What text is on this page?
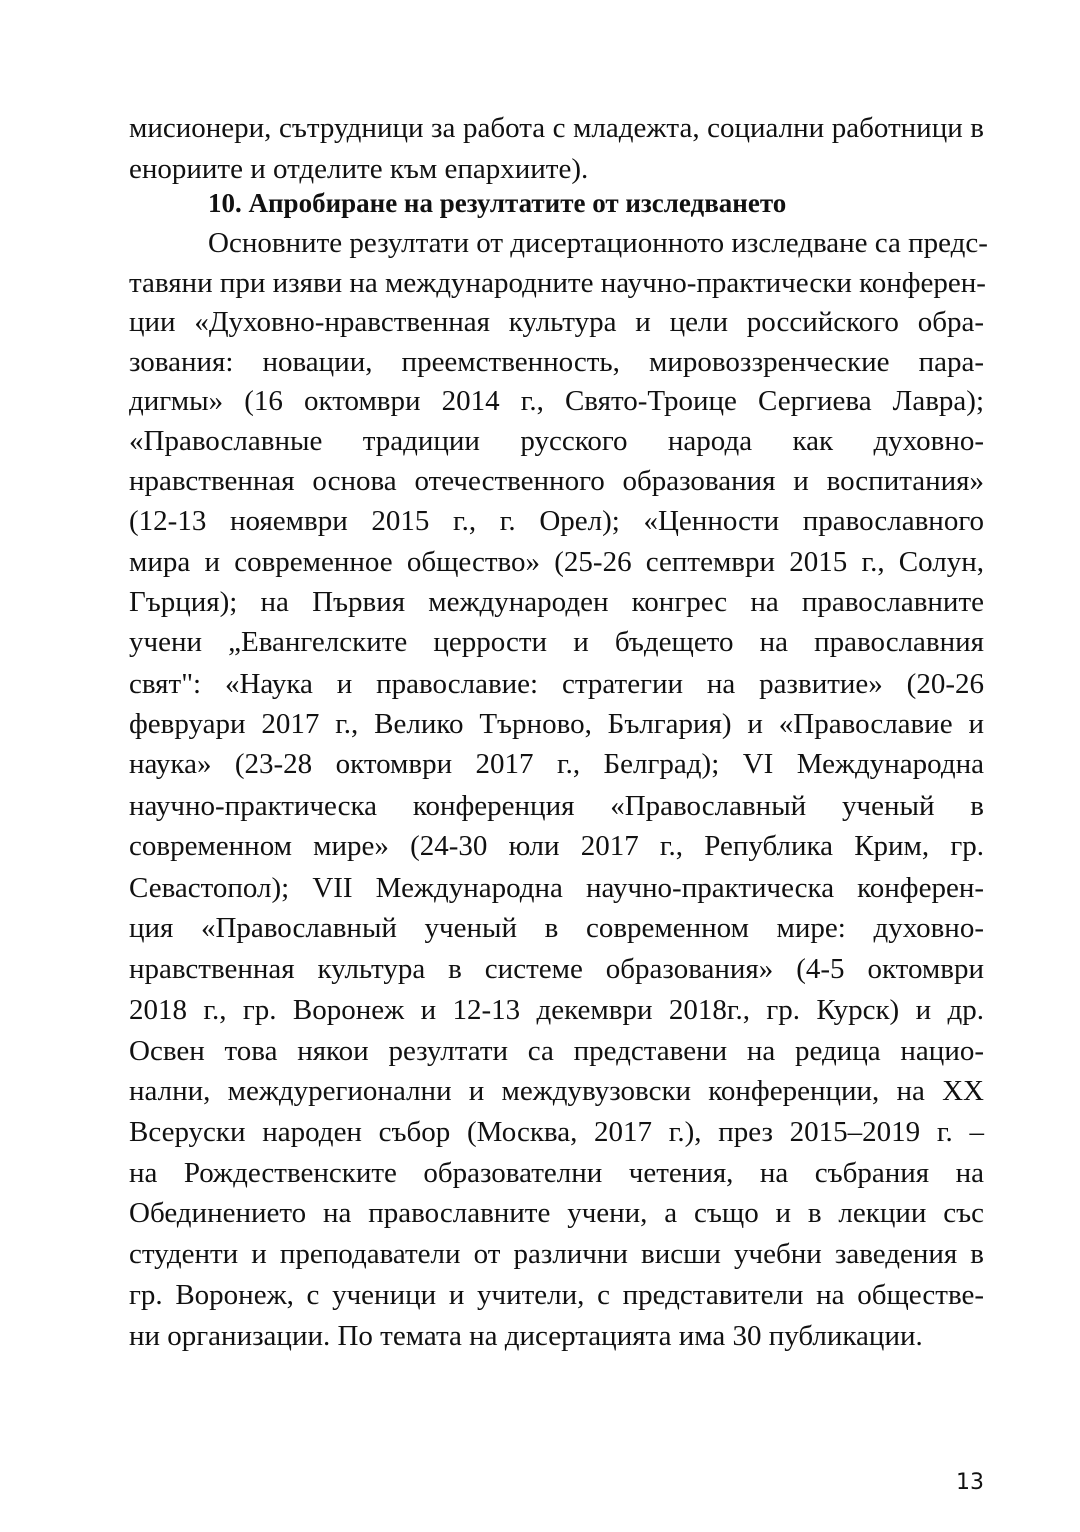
мисионери, сътрудници за работа с младежта, социални работници в

енориите и отделите към епархиите).

10. Апробиране на резултатите от изследването

Основните резултати от дисертационното изследване са предс-

тавяни при изяви на международните научно-практически конферен-

ции «Духовно-нравственная культура и цели российского обра-

зования: новации, преемственность, мировоззренческие пара-

дигмы» (16 октомври 2014 г., Свято-Троице Сергиева Лавра);

«Православные традиции русского народа как духовно-

нравственная основа отечественного образования и воспитания»

(12-13 нояември 2015 г., г. Орел); «Ценности православного

мира и современное общество» (25-26 септември 2015 г., Солун,

Гърция); на Първия международен конгрес на православните

учени „Евангелските церрости и бъдещето на православния

свят": «Наука и православие: стратегии на развитие» (20-26

февруари 2017 г., Велико Търново, България) и «Православие и

наука» (23-28 октомври 2017 г., Белград); VI Международна

научно-практическа конференция «Православный ученый в

современном мире» (24-30 юли 2017 г., Република Крим, гр.

Севастопол); VII Международна научно-практическа конферен-

ция «Православный ученый в современном мире: духовно-

нравственная культура в системе образования» (4-5 октомври

2018 г., гр. Воронеж и 12-13 декември 2018г., гр. Курск) и др.

Освен това някои резултати са представени на редица нацио-

нални, междурегионални и междувузовски конференции, на XX

Всеруски народен събор (Москва, 2017 г.), през 2015–2019 г. –

на Рождественските образователни четения, на събрания на

Обединението на православните учени, а също и в лекции със

студенти и преподаватели от различни висши учебни заведения в

гр. Воронеж, с ученици и учители, с представители на обществе-

ни организации. По темата на дисертацията има 30 публикации.

13
